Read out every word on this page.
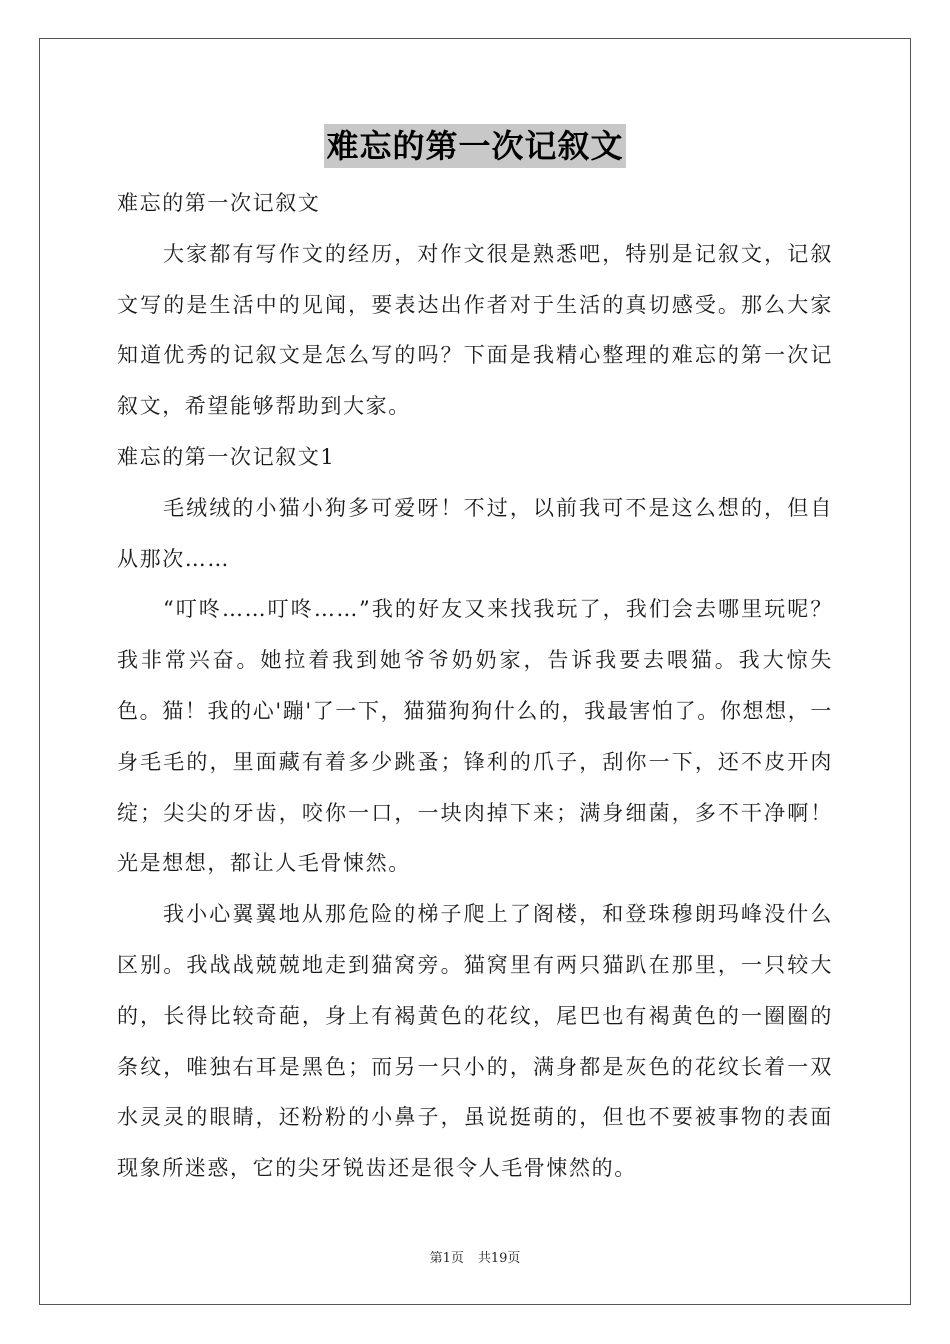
难忘的第一次记叙文

难忘的第一次记叙文

大家都有写作文的经历，对作文很是熟悉吧，特别是记叙文，记叙文写的是生活中的见闻，要表达出作者对于生活的真切感受。那么大家知道优秀的记叙文是怎么写的吗？下面是我精心整理的难忘的第一次记叙文，希望能够帮助到大家。

难忘的第一次记叙文1

毛绒绒的小猫小狗多可爱呀！不过，以前我可不是这么想的，但自从那次……

“叮咚……叮咚……”我的好友又来找我玩了，我们会去哪里玩呢？我非常兴奋。她拉着我到她爷爷奶奶家，告诉我要去喂猫。我大惊失色。猫！我的心'蹦'了一下，猫猫狗狗什么的，我最害怕了。你想想，一身毛毛的，里面藏有着多少跳蚤；锋利的爪子，刮你一下，还不皮开肉绽；尖尖的牙齿，咬你一口，一块肉掉下来；满身细菌，多不干净啊！光是想想，都让人毛骨悚然。

我小心翼翼地从那危险的梯子爬上了阁楼，和登珠穆朗玛峰没什么区别。我战战兢兢地走到猫窝旁。猫窝里有两只猫趴在那里，一只较大的，长得比较奇葩，身上有褐黄色的花纹，尾巴也有褐黄色的一圈圈的条纹，唯独右耳是黑色；而另一只小的，满身都是灰色的花纹长着一双水灵灵的眼睛，还粉粉的小鼻子，虽说挺萌的，但也不要被事物的表面现象所迷惑，它的尖牙锐齿还是很令人毛骨悚然的。

第1页 共19页
